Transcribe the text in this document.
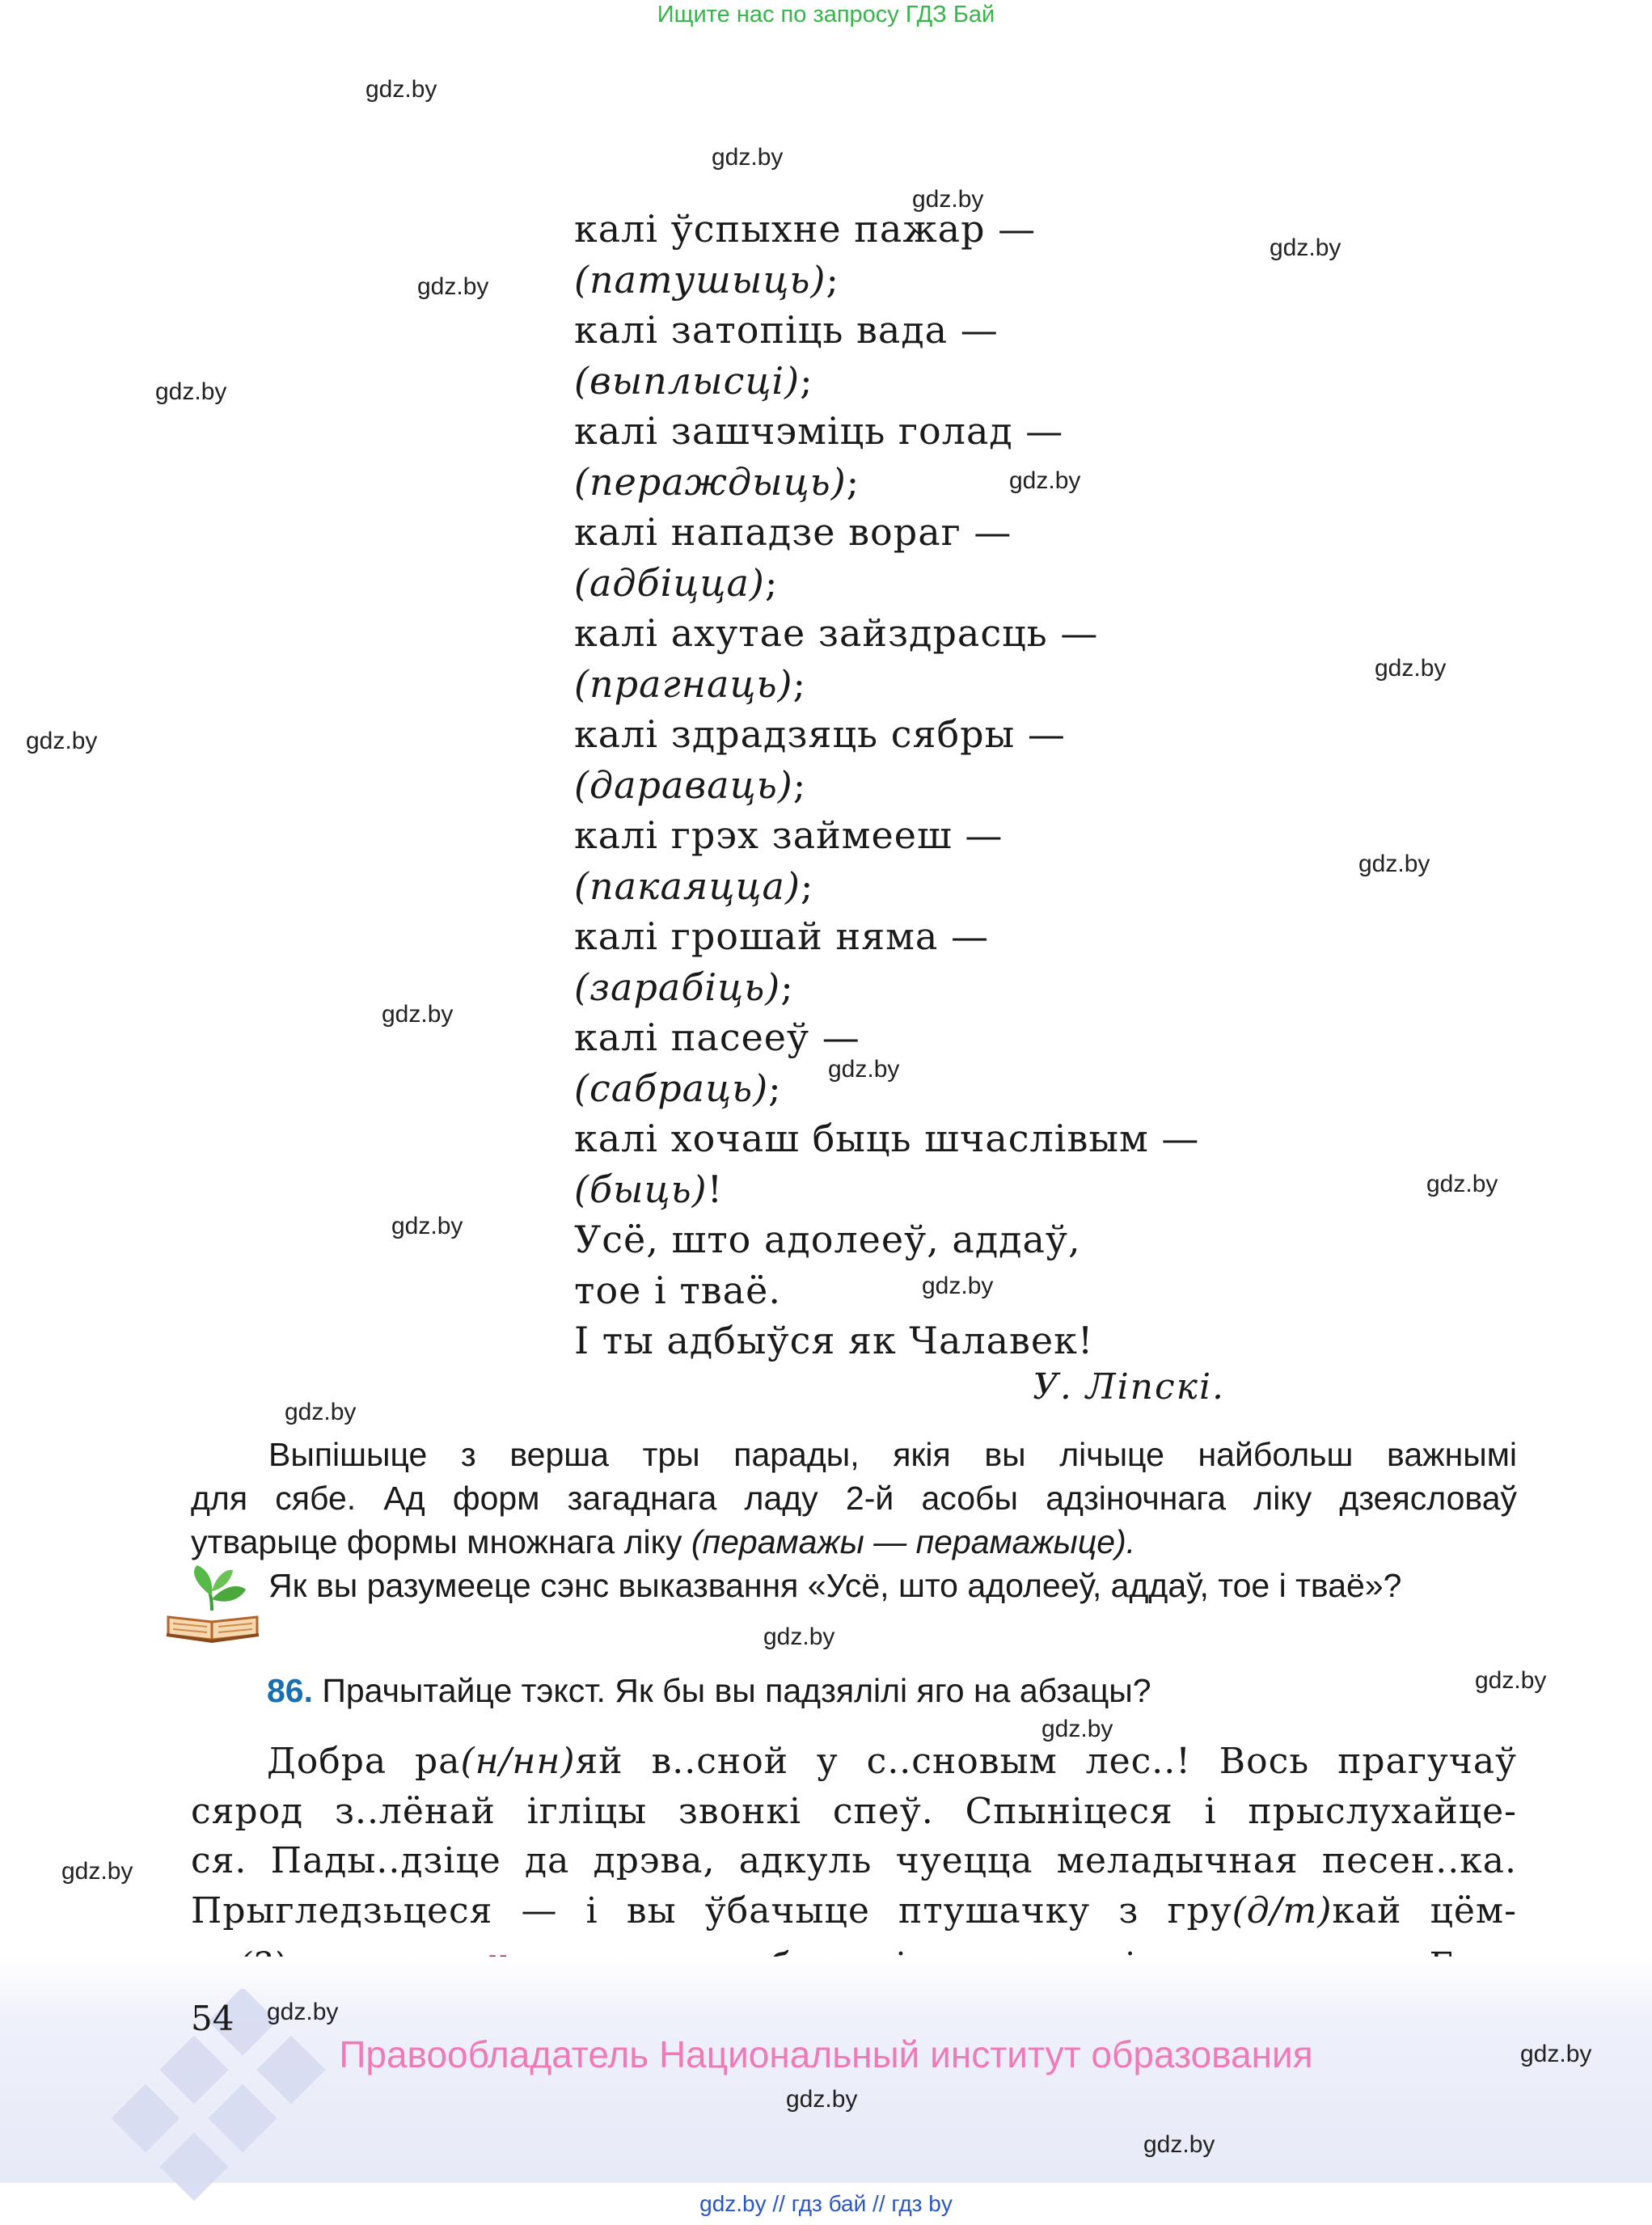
Ищите нас по запросу ГДЗ Бай
gdz.by
gdz.by
gdz.by
gdz.by
gdz.by
gdz.by
gdz.by
gdz.by
gdz.by
gdz.by
gdz.by
gdz.by
gdz.by
gdz.by
gdz.by
gdz.by
gdz.by
gdz.by
gdz.by
gdz.by
калі ўспыхне пажар —
(патушыць);
калі затопіць вада —
(выплысці);
калі зашчэміць голад —
(пераждыць);
калі нападзе вораг —
(адбіцца);
калі ахутае зайздрасць —
(прагнаць);
калі здрадзяць сябры —
(дараваць);
калі грэх займееш —
(пакаяцца);
калі грошай няма —
(зарабіць);
калі пасееў —
(сабраць);
калі хочаш быць шчаслівым —
(быць)!
Усё, што адолееў, аддаў,
тое і тваё.
І ты адбыўся як Чалавек!
У. Ліпскі.

Выпішыце з верша тры парады, якія вы лічыце найбольш важнымі

для сябе. Ад форм загаднага ладу 2-й асобы адзіночнага ліку дзеясловаў

утварыце формы множнага ліку (перамажы — перамажыце).

Як вы разумееце сэнс выказвання «Усё, што адолееў, аддаў, тое і тваё»?

86. Прачытайце тэкст. Як бы вы падзялілі яго на абзацы?

Добра ра(н/нн)яй в..сной у с..сновым лес..! Вось прагучаў

сярод з..лёнай іглiцы звонкі спеў. Спыніцеся і прыслухайце-

ся. Пады..дзіце да дрэва, адкуль чуецца меладычная песен..ка.

Прыгледзьцеся — і вы ўбачыце птушачку з гру(д/т)кай цём-

54 gdz.by
Правообладатель Национальный институт образования	gdz.by
gdz.by
gdz.by
gdz.by // гдз бай // гдз by
